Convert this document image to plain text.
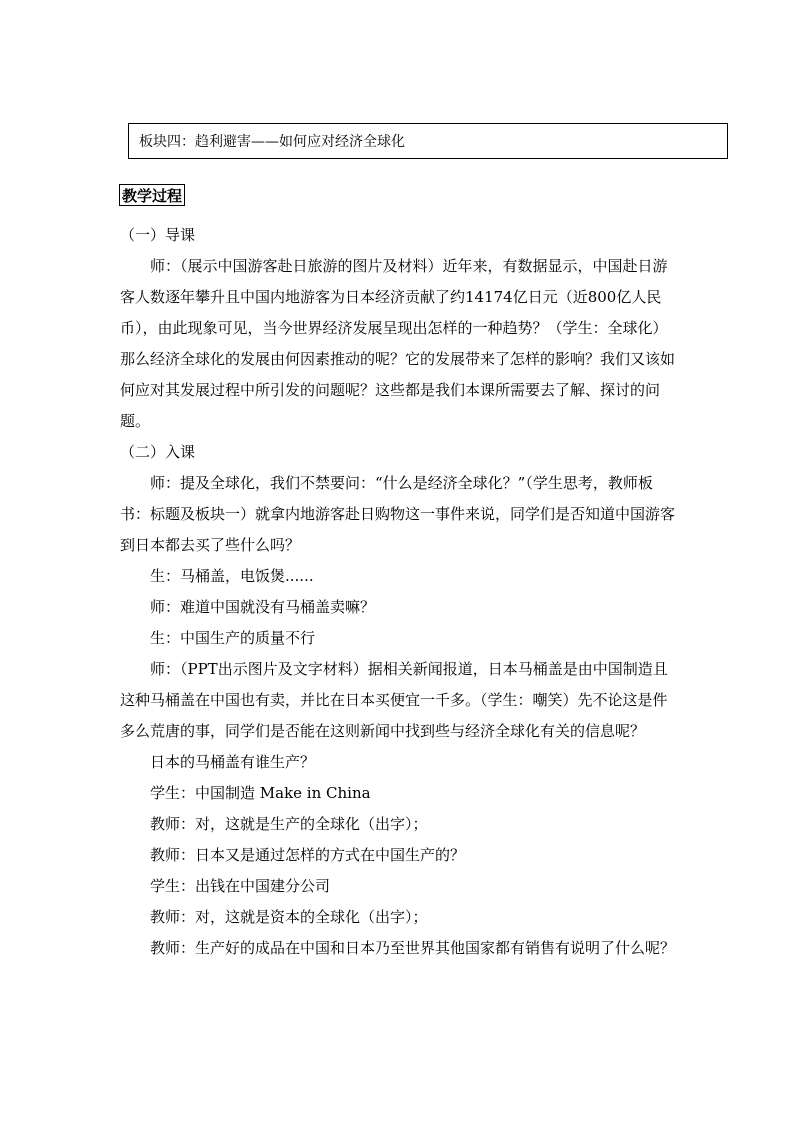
板块四：趋利避害——如何应对经济全球化
教学过程

（一）导课

师：（展示中国游客赴日旅游的图片及材料）近年来，有数据显示，中国赴日游客人数逐年攀升且中国内地游客为日本经济贡献了约14174亿日元（近800亿人民币），由此现象可见，当今世界经济发展呈现出怎样的一种趋势？（学生：全球化）那么经济全球化的发展由何因素推动的呢？它的发展带来了怎样的影响？我们又该如何应对其发展过程中所引发的问题呢？这些都是我们本课所需要去了解、探讨的问题。

（二）入课

师：提及全球化，我们不禁要问：“什么是经济全球化？”（学生思考，教师板书：标题及板块一）就拿内地游客赴日购物这一事件来说，同学们是否知道中国游客到日本都去买了些什么吗？

生：马桶盖，电饭煲......

师：难道中国就没有马桶盖卖嘛？

生：中国生产的质量不行

师：（PPT出示图片及文字材料）据相关新闻报道，日本马桶盖是由中国制造且这种马桶盖在中国也有卖，并比在日本买便宜一千多。（学生：嘲笑）先不论这是件多么荒唐的事，同学们是否能在这则新闻中找到些与经济全球化有关的信息呢？

日本的马桶盖有谁生产？

学生：中国制造 Make in China

教师：对，这就是生产的全球化（出字）；

教师：日本又是通过怎样的方式在中国生产的？

学生：出钱在中国建分公司

教师：对，这就是资本的全球化（出字）；

教师：生产好的成品在中国和日本乃至世界其他国家都有销售有说明了什么呢？
